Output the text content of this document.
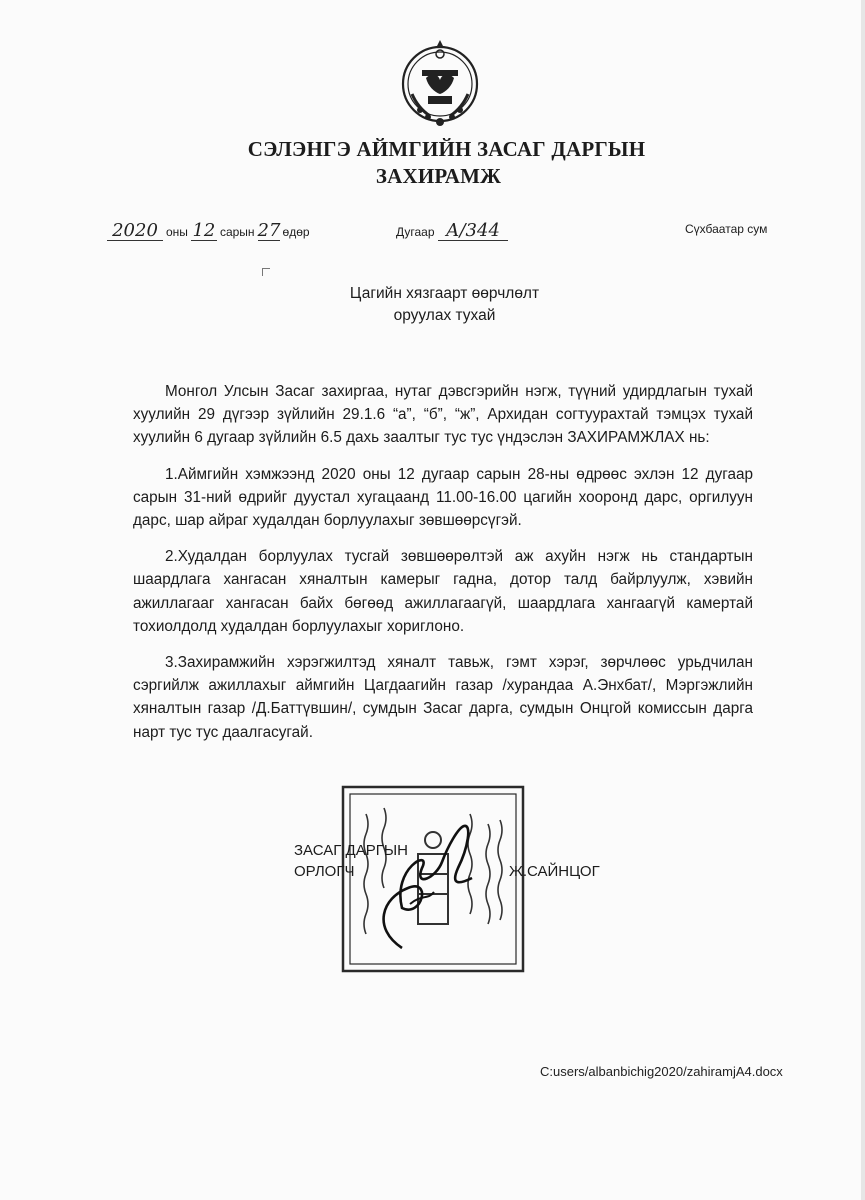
СЭЛЭНГЭ АЙМГИЙН ЗАСАГ ДАРГЫН
ЗАХИРАМЖ
2020 оны 12 сарын 27 өдөр	Дугаар А/344	Сүхбаатар сум
Цагийн хязгаарт өөрчлөлт
оруулах тухай

Монгол Улсын Засаг захиргаа, нутаг дэвсгэрийн нэгж, түүний удирдлагын тухай хуулийн 29 дүгээр зүйлийн 29.1.6 “а”, “б”, “ж”, Архидан согтуурахтай тэмцэх тухай хуулийн 6 дугаар зүйлийн 6.5 дахь заалтыг тус тус үндэслэн ЗАХИРАМЖЛАХ нь:

1.Аймгийн хэмжээнд 2020 оны 12 дугаар сарын 28-ны өдрөөс эхлэн 12 дугаар сарын 31-ний өдрийг дуустал хугацаанд 11.00-16.00 цагийн хооронд дарс, оргилуун дарс, шар айраг худалдан борлуулахыг зөвшөөрсүгэй.

2.Худалдан борлуулах тусгай зөвшөөрөлтэй аж ахуйн нэгж нь стандартын шаардлага хангасан хяналтын камерыг гадна, дотор талд байрлуулж, хэвийн ажиллагааг хангасан байх бөгөөд ажиллагаагүй, шаардлага хангаагүй камертай тохиолдолд худалдан борлуулахыг хориглоно.

3.Захирамжийн хэрэгжилтэд хяналт тавьж, гэмт хэрэг, зөрчлөөс урьдчилан сэргийлж ажиллахыг аймгийн Цагдаагийн газар /хурандаа А.Энхбат/, Мэргэжлийн хяналтын газар /Д.Баттүвшин/, сумдын Засаг дарга, сумдын Онцгой комиссын дарга нарт тус тус даалгасугай.

ЗАСАГ ДАРГЫН
ОРЛОГЧ	Ж.САЙНЦОГ
C:users/albanbichig2020/zahiramjA4.docx
